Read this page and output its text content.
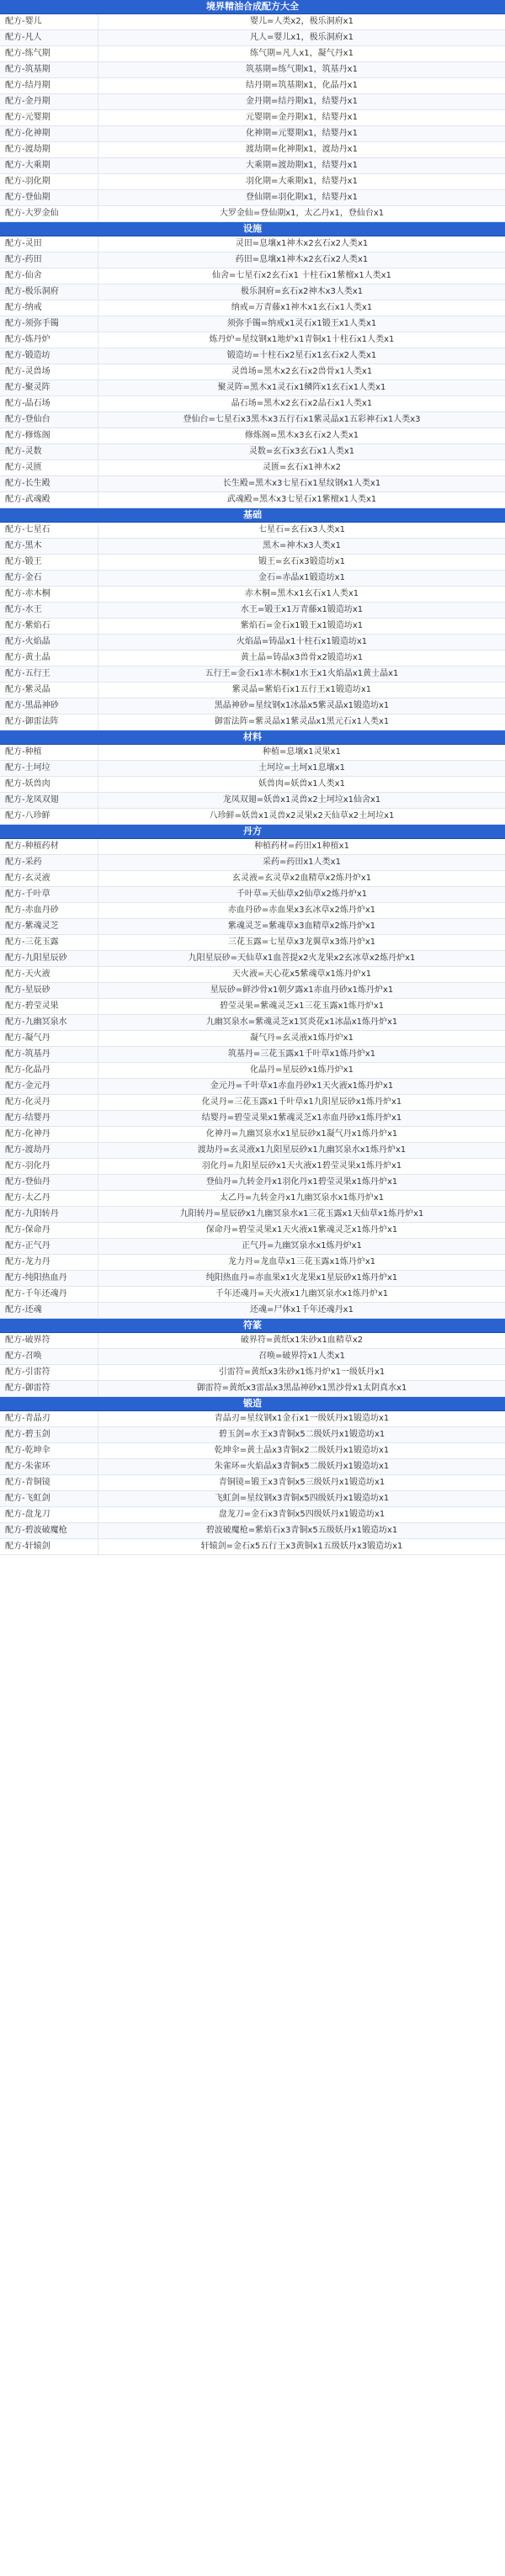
境界精油合成配方大全
配方-婴儿	婴儿=人类x2，极乐洞府x1
配方-凡人	凡人=婴儿x1，极乐洞府x1
配方-练气期	练气期=凡人x1，凝气丹x1
配方-筑基期	筑基期=练气期x1，筑基丹x1
配方-结丹期	结丹期=筑基期x1，化晶丹x1
配方-金丹期	金丹期=结丹期x1，结婴丹x1
配方-元婴期	元婴期=金丹期x1，结婴丹x1
配方-化神期	化神期=元婴期x1，结婴丹x1
配方-渡劫期	渡劫期=化神期x1，渡劫丹x1
配方-大乘期	大乘期=渡劫期x1，结婴丹x1
配方-羽化期	羽化期=大乘期x1，结婴丹x1
配方-登仙期	登仙期=羽化期x1，结婴丹x1
配方-大罗金仙	大罗金仙=登仙期x1，太乙丹x1，登仙台x1
设施
配方-灵田	灵田=息壤x1神木x2玄石x2人类x1
配方-药田	药田=息壤x1神木x2玄石x2人类x1
配方-仙舍	仙舍=七星石x2玄石x1 十柱石x1紫檀x1人类x1
配方-极乐洞府	极乐洞府=玄石x2神木x3人类x1
配方-纳戒	纳戒=万青藤x1神木x1玄石x1人类x1
配方-须弥手镯	须弥手镯=纳戒x1灵石x1锻王x1人类x1
配方-炼丹炉	炼丹炉=星纹钢x1地炉x1青铜x1十柱石x1人类x1
配方-锻造坊	锻造坊=十柱石x2星石x1玄石x2人类x1
配方-灵兽场	灵兽场=黑木x2玄石x2兽骨x1人类x1
配方-聚灵阵	聚灵阵=黑木x1灵石x1鳞阵x1玄石x1人类x1
配方-晶石场	晶石场=黑木x2玄石x2晶石x1人类x1
配方-登仙台	登仙台=七星石x3黑木x3五行石x1紫灵晶x1五彩神石x1人类x3
配方-修炼阁	修炼阁=黑木x3玄石x2人类x1
配方-灵数	灵数=玄石x3玄石x1人类x1
配方-灵匮	灵匮=玄石x1神木x2
配方-长生殿	长生殿=黑木x3七星石x1星纹钢x1人类x1
配方-武魂殿	武魂殿=黑木x3七星石x1紫檀x1人类x1
基础
配方-七星石	七星石=玄石x3人类x1
配方-黑木	黑木=神木x3人类x1
配方-锻王	锻王=玄石x3锻造坊x1
配方-金石	金石=赤晶x1锻造坊x1
配方-赤木桐	赤木桐=黑木x1玄石x1人类x1
配方-水王	水王=锻王x1万青藤x1锻造坊x1
配方-紫焰石	紫焰石=金石x1锻王x1锻造坊x1
配方-火焰晶	火焰晶=铸晶x1十柱石x1锻造坊x1
配方-黄土晶	黄土晶=铸晶x3兽骨x2锻造坊x1
配方-五行王	五行王=金石x1赤木桐x1水王x1火焰晶x1黄土晶x1
配方-紫灵晶	紫灵晶=紫焰石x1五行王x1锻造坊x1
配方-黑晶神砂	黑晶神砂=星纹钢x1冰晶x5紫灵晶x1锻造坊x1
配方-御雷法阵	御雷法阵=紫灵晶x1紫灵晶x1黑元石x1人类x1
材料
配方-种植	种植=息壤x1灵果x1
配方-土坷垃	土坷垃=土坷x1息壤x1
配方-妖兽肉	妖兽肉=妖兽x1人类x1
配方-龙凤双翅	龙凤双翅=妖兽x1灵兽x2土坷垃x1仙舍x1
配方-八珍鲜	八珍鲜=妖兽x1灵兽x2灵果x2天仙草x2土坷垃x1
丹方
配方-种植药材	种植药材=药田x1种植x1
配方-采药	采药=药田x1人类x1
配方-玄灵液	玄灵液=玄灵草x2血精草x2炼丹炉x1
配方-千叶草	千叶草=天仙草x2仙草x2炼丹炉x1
配方-赤血丹砂	赤血丹砂=赤血果x3玄冰草x2炼丹炉x1
配方-紫魂灵芝	紫魂灵芝=紫魂草x3血精草x2炼丹炉x1
配方-三花玉露	三花玉露=七星草x3龙翼草x3炼丹炉x1
配方-九阳星辰砂	九阳星辰砂=天仙草x1血菩提x2火龙果x2玄冰草x2炼丹炉x1
配方-天火液	天火液=天心花x5紫魂草x1炼丹炉x1
配方-星辰砂	星辰砂=鲜沙骨x1朝夕露x1赤血丹砂x1炼丹炉x1
配方-碧莹灵果	碧莹灵果=紫魂灵芝x1三花玉露x1炼丹炉x1
配方-九幽冥泉水	九幽冥泉水=紫魂灵芝x1冥炎花x1冰晶x1炼丹炉x1
配方-凝气丹	凝气丹=玄灵液x1炼丹炉x1
配方-筑基丹	筑基丹=三花玉露x1千叶草x1炼丹炉x1
配方-化晶丹	化晶丹=星辰砂x1炼丹炉x1
配方-金元丹	金元丹=千叶草x1赤血丹砂x1天火液x1炼丹炉x1
配方-化灵丹	化灵丹=三花玉露x1千叶草x1九阳星辰砂x1炼丹炉x1
配方-结婴丹	结婴丹=碧莹灵果x1紫魂灵芝x1赤血丹砂x1炼丹炉x1
配方-化神丹	化神丹=九幽冥泉水x1星辰砂x1凝气丹x1炼丹炉x1
配方-渡劫丹	渡劫丹=玄灵液x1九阳星辰砂x1九幽冥泉水x1炼丹炉x1
配方-羽化丹	羽化丹=九阳星辰砂x1天火液x1碧莹灵果x1炼丹炉x1
配方-登仙丹	登仙丹=九转金丹x1羽化丹x1碧莹灵果x1炼丹炉x1
配方-太乙丹	太乙丹=九转金丹x1九幽冥泉水x1炼丹炉x1
配方-九阳转丹	九阳转丹=星辰砂x1九幽冥泉水x1三花玉露x1天仙草x1炼丹炉x1
配方-保命丹	保命丹=碧莹灵果x1天火液x1紫魂灵芝x1炼丹炉x1
配方-正气丹	正气丹=九幽冥泉水x1炼丹炉x1
配方-龙力丹	龙力丹=龙血草x1三花玉露x1炼丹炉x1
配方-纯阳热血丹	纯阳热血丹=赤血果x1火龙果x1星辰砂x1炼丹炉x1
配方-千年还魂丹	千年还魂丹=天火液x1九幽冥泉水x1炼丹炉x1
配方-还魂	还魂=尸体x1千年还魂丹x1
符篆
配方-破界符	破界符=黄纸x1朱砂x1血精草x2
配方-召唤	召唤=破界符x1人类x1
配方-引雷符	引雷符=黄纸x3朱砂x1炼丹炉x1一级妖丹x1
配方-御雷符	御雷符=黄纸x3雷晶x3黑晶神砂x1黑沙骨x1太阴真水x1
锻造
配方-青晶刃	青晶刃=星纹钢x1金石x1一级妖丹x1锻造坊x1
配方-碧玉剑	碧玉剑=水王x3青铜x5二级妖丹x1锻造坊x1
配方-乾坤伞	乾坤伞=黄土晶x3青铜x2二级妖丹x1锻造坊x1
配方-朱雀环	朱雀环=火焰晶x3青铜x5二级妖丹x1锻造坊x1
配方-青铜镜	青铜镜=锻王x3青铜x5三级妖丹x1锻造坊x1
配方-飞虹剑	飞虹剑=星纹钢x3青铜x5四级妖丹x1锻造坊x1
配方-盘龙刀	盘龙刀=金石x3青铜x5四级妖丹x1锻造坊x1
配方-碧波破魔枪	碧波破魔枪=紫焰石x3青铜x5五级妖丹x1锻造坊x1
配方-轩辕剑	轩辕剑=金石x5五行王x3黄铜x1五级妖丹x3锻造坊x1
